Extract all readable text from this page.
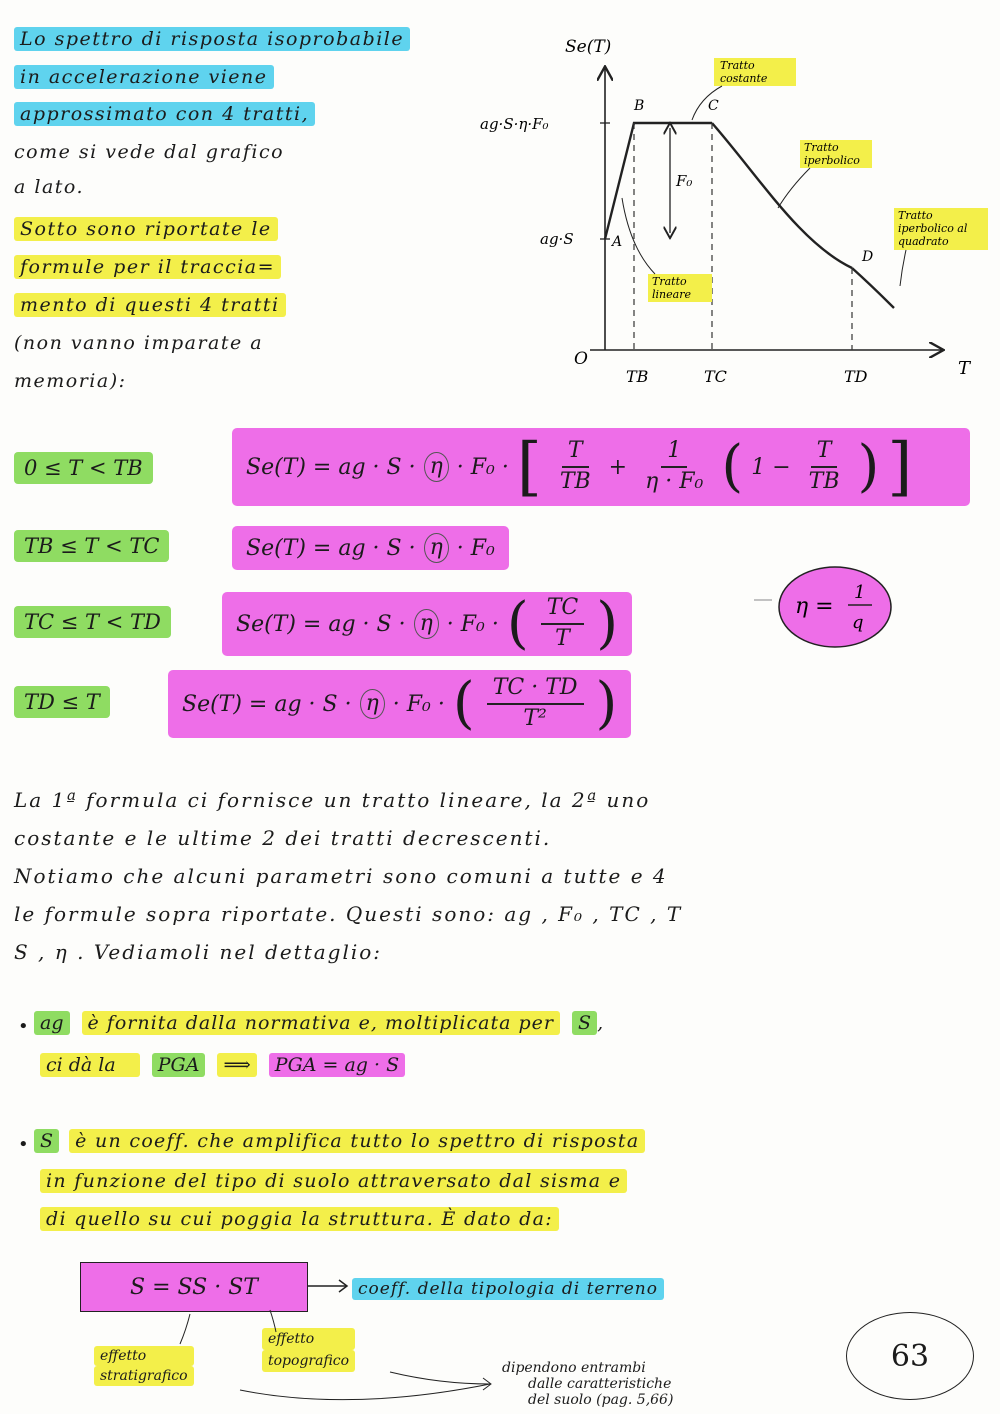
Lo spettro di risposta isoprobabile
in accelerazione viene
approssimato con 4 tratti,
come si vede dal grafico
a lato.
Sotto sono riportate le
formule per il tracciа=
mento di questi 4 tratti
(non vanno imparate a
memoria):
Se(T)
T
O
ag·S·η·F₀
ag·S
F₀
A
B	C
D
TB	TC	TD
Tratto
costante
Tratto
iperbolico
Tratto
iperbolico al
quadrato
Tratto
lineare
0 ≤ T < TB	Se(T) = ag · S · η · F₀ · [ $\frac{T}{TB} + \frac{1}{\text{η · F₀}}$ ( $1 - \frac{T}{TB}$ ) ]
TB ≤ T < TC	Se(T) = ag · S · η · F₀
TC ≤ T < TD	Se(T) = ag · S · η · F₀ · ( $\frac{TC}{T}$ )	η =
1
q
TD ≤ T	Se(T) = ag · S · η · F₀ · ( $\frac{TC \cdot TD}{\text{T²}}$ )
La 1ª formula ci fornisce un tratto lineare, la 2ª uno
costante e le ultime 2 dei tratti decrescenti.
Notiamo che alcuni parametri sono comuni a tutte e 4
le formule sopra riportate. Questi sono: ag , F₀ , TC , T
S , η . Vediamoli nel dettaglio:
• ag è fornita dalla normativa e, moltiplicata per S ,
ci dà la PGA ⟹ PGA = ag · S
• S è un coeff. che amplifica tutto lo spettro di risposta
in funzione del tipo di suolo attraversato dal sisma e
di quello su cui poggia la struttura. È dato da:
S = SS · ST	coeff. della tipologia di terreno
effetto
stratigrafico
effetto
topografico	dipendono entrambi
dalle caratteristiche
del suolo (pag. 5,66)
63
